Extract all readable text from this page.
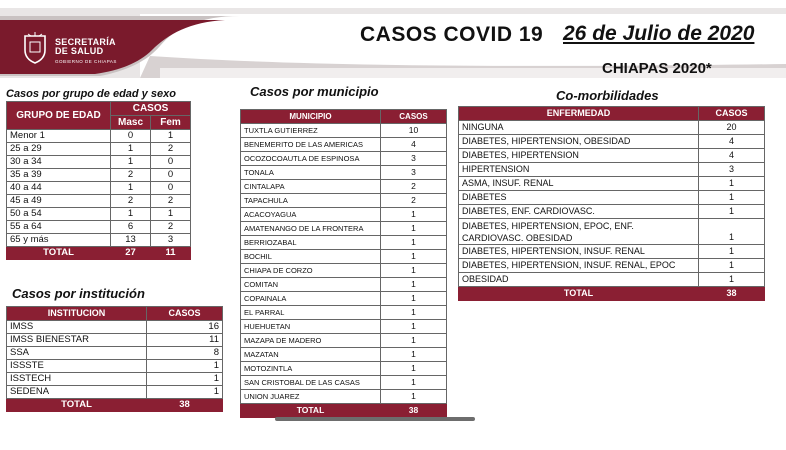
SECRETARÍA
DE SALUD
GOBIERNO DE CHIAPAS
CASOS COVID 19 26 de Julio de 2020
CHIAPAS 2020*
Casos por grupo de edad y sexo
GRUPO DE EDAD	CASOS	
	Masc	Fem
Menor 1	0	1
25 a 29	1	2
30 a 34	1	0
35 a 39	2	0
40 a 44	1	0
45 a 49	2	2
50 a 54	1	1
55 a 64	6	2
65 y más	13	3
TOTAL	27	11
Casos por institución
INSTITUCION	CASOS
IMSS	16
IMSS BIENESTAR	11
SSA	8
ISSSTE	1
ISSTECH	1
SEDENA	1
TOTAL	38
Casos por municipio
MUNICIPIO	CASOS
TUXTLA GUTIERREZ	10
BENEMERITO DE LAS AMERICAS	4
OCOZOCOAUTLA DE ESPINOSA	3
TONALA	3
CINTALAPA	2
TAPACHULA	2
ACACOYAGUA	1
AMATENANGO DE LA FRONTERA	1
BERRIOZABAL	1
BOCHIL	1
CHIAPA DE CORZO	1
COMITAN	1
COPAINALA	1
EL PARRAL	1
HUEHUETAN	1
MAZAPA DE MADERO	1
MAZATAN	1
MOTOZINTLA	1
SAN CRISTOBAL DE LAS CASAS	1
UNION JUAREZ	1
TOTAL	38
Co-morbilidades
ENFERMEDAD	CASOS
NINGUNA	20
DIABETES, HIPERTENSION, OBESIDAD	4
DIABETES, HIPERTENSION	4
HIPERTENSION	3
ASMA, INSUF. RENAL	1
DIABETES	1
DIABETES, ENF. CARDIOVASC.	1

DIABETES, HIPERTENSION, EPOC, ENF.
CARDIOVASC. OBESIDAD	1
DIABETES, HIPERTENSION, INSUF. RENAL	1
DIABETES, HIPERTENSION, INSUF. RENAL, EPOC	1
OBESIDAD	1
TOTAL	38
